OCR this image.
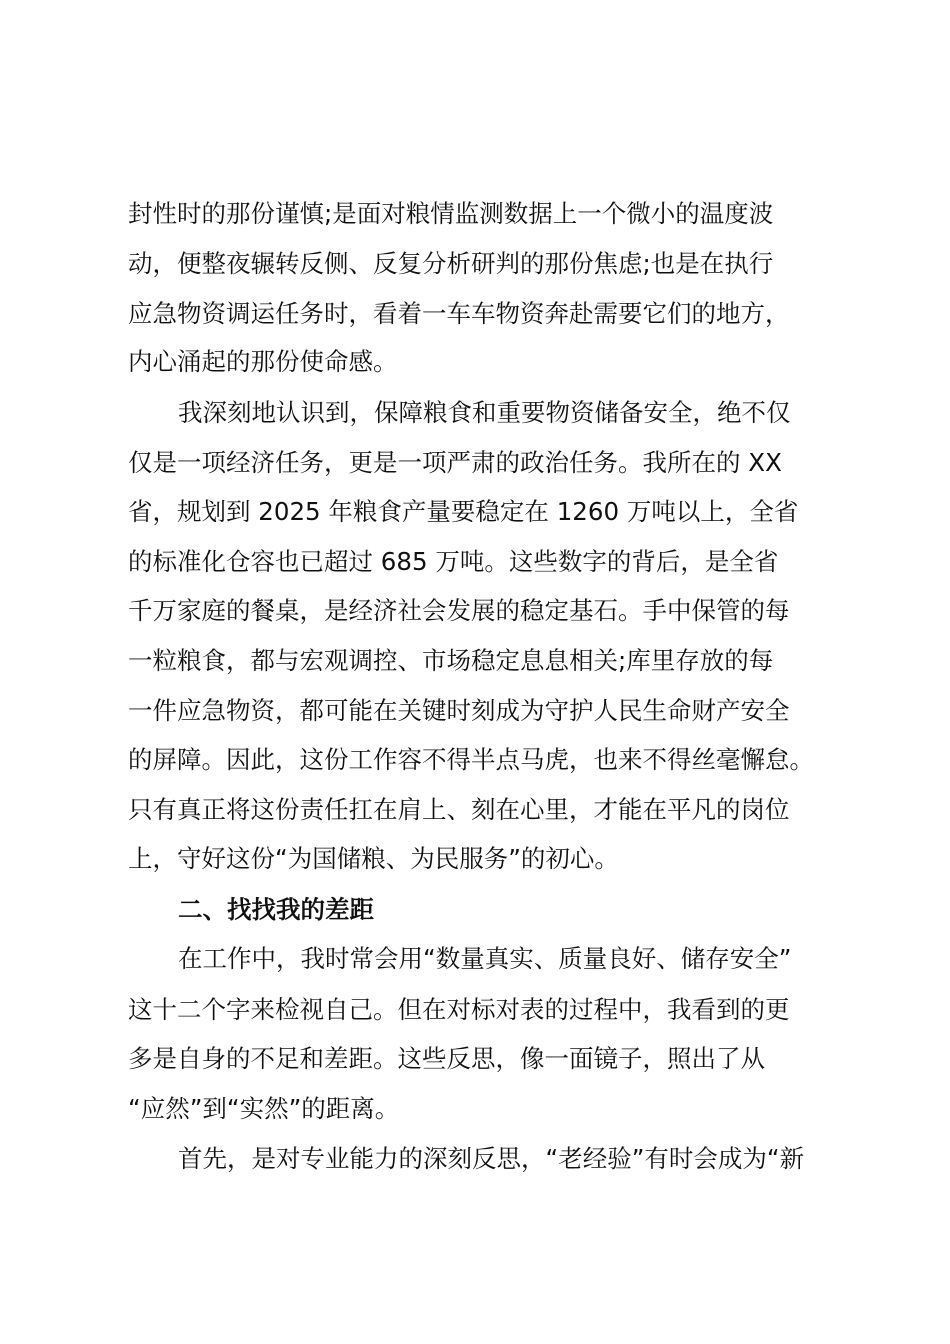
封性时的那份谨慎;是面对粮情监测数据上一个微小的温度波
动，便整夜辗转反侧、反复分析研判的那份焦虑;也是在执行
应急物资调运任务时，看着一车车物资奔赴需要它们的地方，
内心涌起的那份使命感。
我深刻地认识到，保障粮食和重要物资储备安全，绝不仅
仅是一项经济任务，更是一项严肃的政治任务。我所在的 XX
省，规划到 2025 年粮食产量要稳定在 1260 万吨以上，全省
的标准化仓容也已超过 685 万吨。这些数字的背后，是全省
千万家庭的餐桌，是经济社会发展的稳定基石。手中保管的每
一粒粮食，都与宏观调控、市场稳定息息相关;库里存放的每
一件应急物资，都可能在关键时刻成为守护人民生命财产安全
的屏障。因此，这份工作容不得半点马虎，也来不得丝毫懈怠。
只有真正将这份责任扛在肩上、刻在心里，才能在平凡的岗位
上，守好这份“为国储粮、为民服务”的初心。
二、找找我的差距
在工作中，我时常会用“数量真实、质量良好、储存安全”
这十二个字来检视自己。但在对标对表的过程中，我看到的更
多是自身的不足和差距。这些反思，像一面镜子，照出了从
“应然”到“实然”的距离。
首先，是对专业能力的深刻反思，“老经验”有时会成为“新
